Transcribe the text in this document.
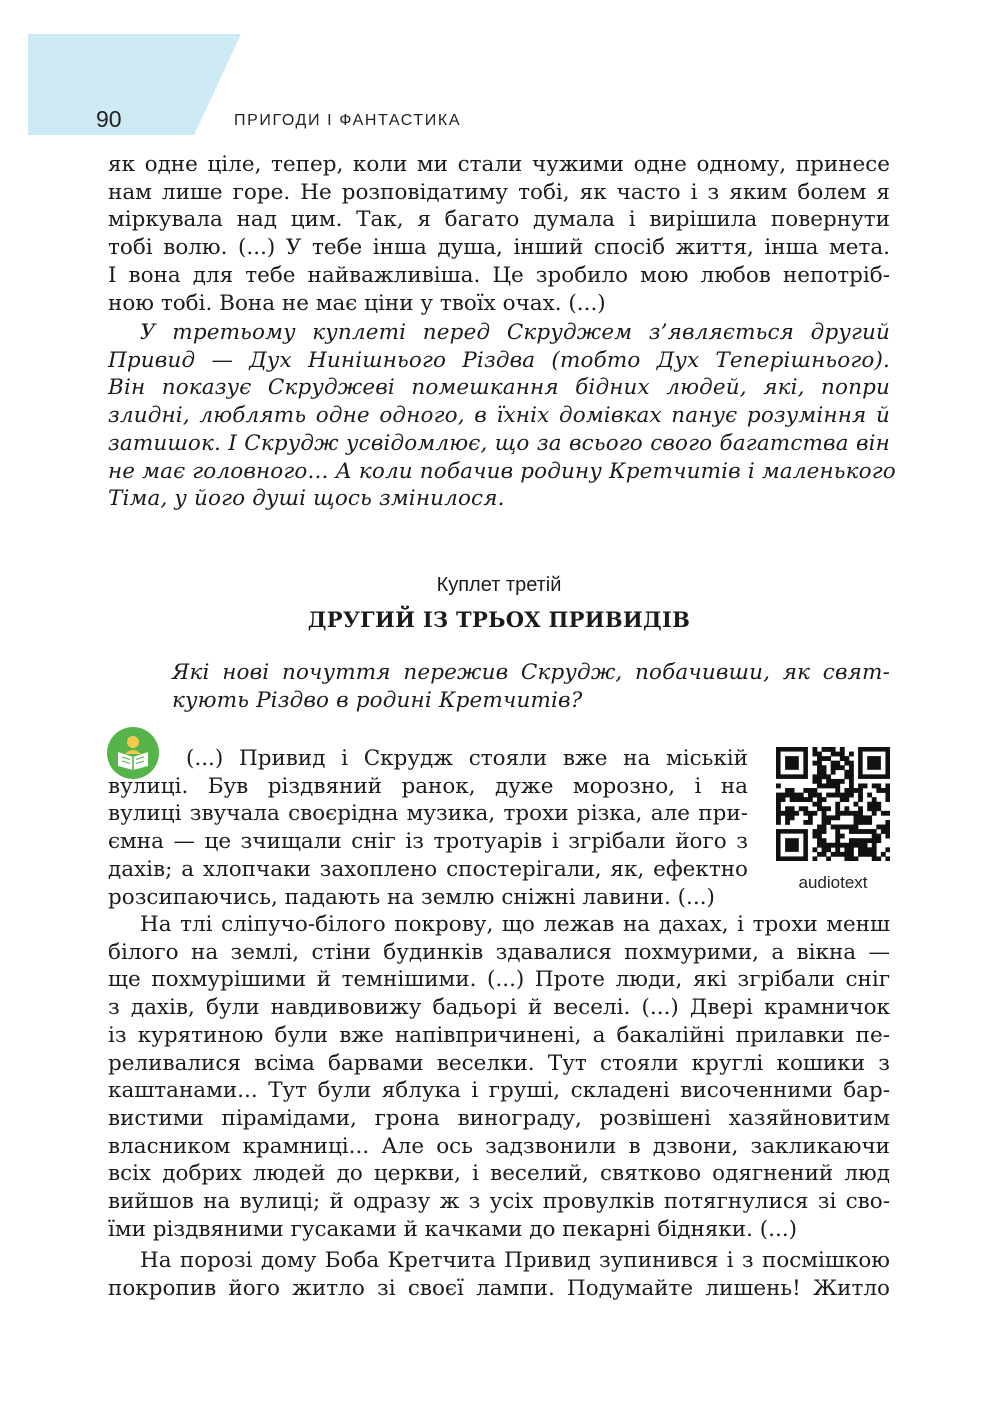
90	ПРИГОДИ І ФАНТАСТИКА
як одне ціле, тепер, коли ми стали чужими одне одному, принесе
нам лише горе. Не розповідатиму тобі, як часто і з яким болем я
міркувала над цим. Так, я багато думала і вирішила повернути
тобі волю. (...) У тебе інша душа, інший спосіб життя, інша мета.
І вона для тебе найважливіша. Це зробило мою любов непотріб-
ною тобі. Вона не має ціни у твоїх очах. (...)
У третьому куплеті перед Скруджем з’являється другий
Привид — Дух Нинішнього Різдва (тобто Дух Теперішнього).
Він показує Скруджеві помешкання бідних людей, які, попри
злидні, люблять одне одного, в їхніх домівках панує розуміння й
затишок. І Скрудж усвідомлює, що за всього свого багатства він
не має головного... А коли побачив родину Кретчитів і маленького
Тіма, у його душі щось змінилося.
Куплет третій
ДРУГИЙ ІЗ ТРЬОХ ПРИВИДІВ
Які нові почуття пережив Скрудж, побачивши, як свят-
кують Різдво в родині Кретчитів?
audiotext
(...) Привид і Скрудж стояли вже на міській
вулиці. Був різдвяний ранок, дуже морозно, і на
вулиці звучала своєрідна музика, трохи різка, але при-
ємна — це зчищали сніг із тротуарів і згрібали його з
дахів; а хлопчаки захоплено спостерігали, як, ефектно
розсипаючись, падають на землю сніжні лавини. (...)
На тлі сліпучо-білого покрову, що лежав на дахах, і трохи менш
білого на землі, стіни будинків здавалися похмурими, а вікна —
ще похмурішими й темнішими. (...) Проте люди, які згрібали сніг
з дахів, були навдивовижу бадьорі й веселі. (...) Двері крамничок
із курятиною були вже напівпричинені, а бакалійні прилавки пе-
реливалися всіма барвами веселки. Тут стояли круглі кошики з
каштанами... Тут були яблука і груші, складені височенними бар-
вистими пірамідами, грона винограду, розвішені хазяйновитим
власником крамниці... Але ось задзвонили в дзвони, закликаючи
всіх добрих людей до церкви, і веселий, святково одягнений люд
вийшов на вулиці; й одразу ж з усіх провулків потягнулися зі сво-
їми різдвяними гусаками й качками до пекарні бідняки. (...)
На порозі дому Боба Кретчита Привид зупинився і з посмішкою
покропив його житло зі своєї лампи. Подумайте лишень! Житло
